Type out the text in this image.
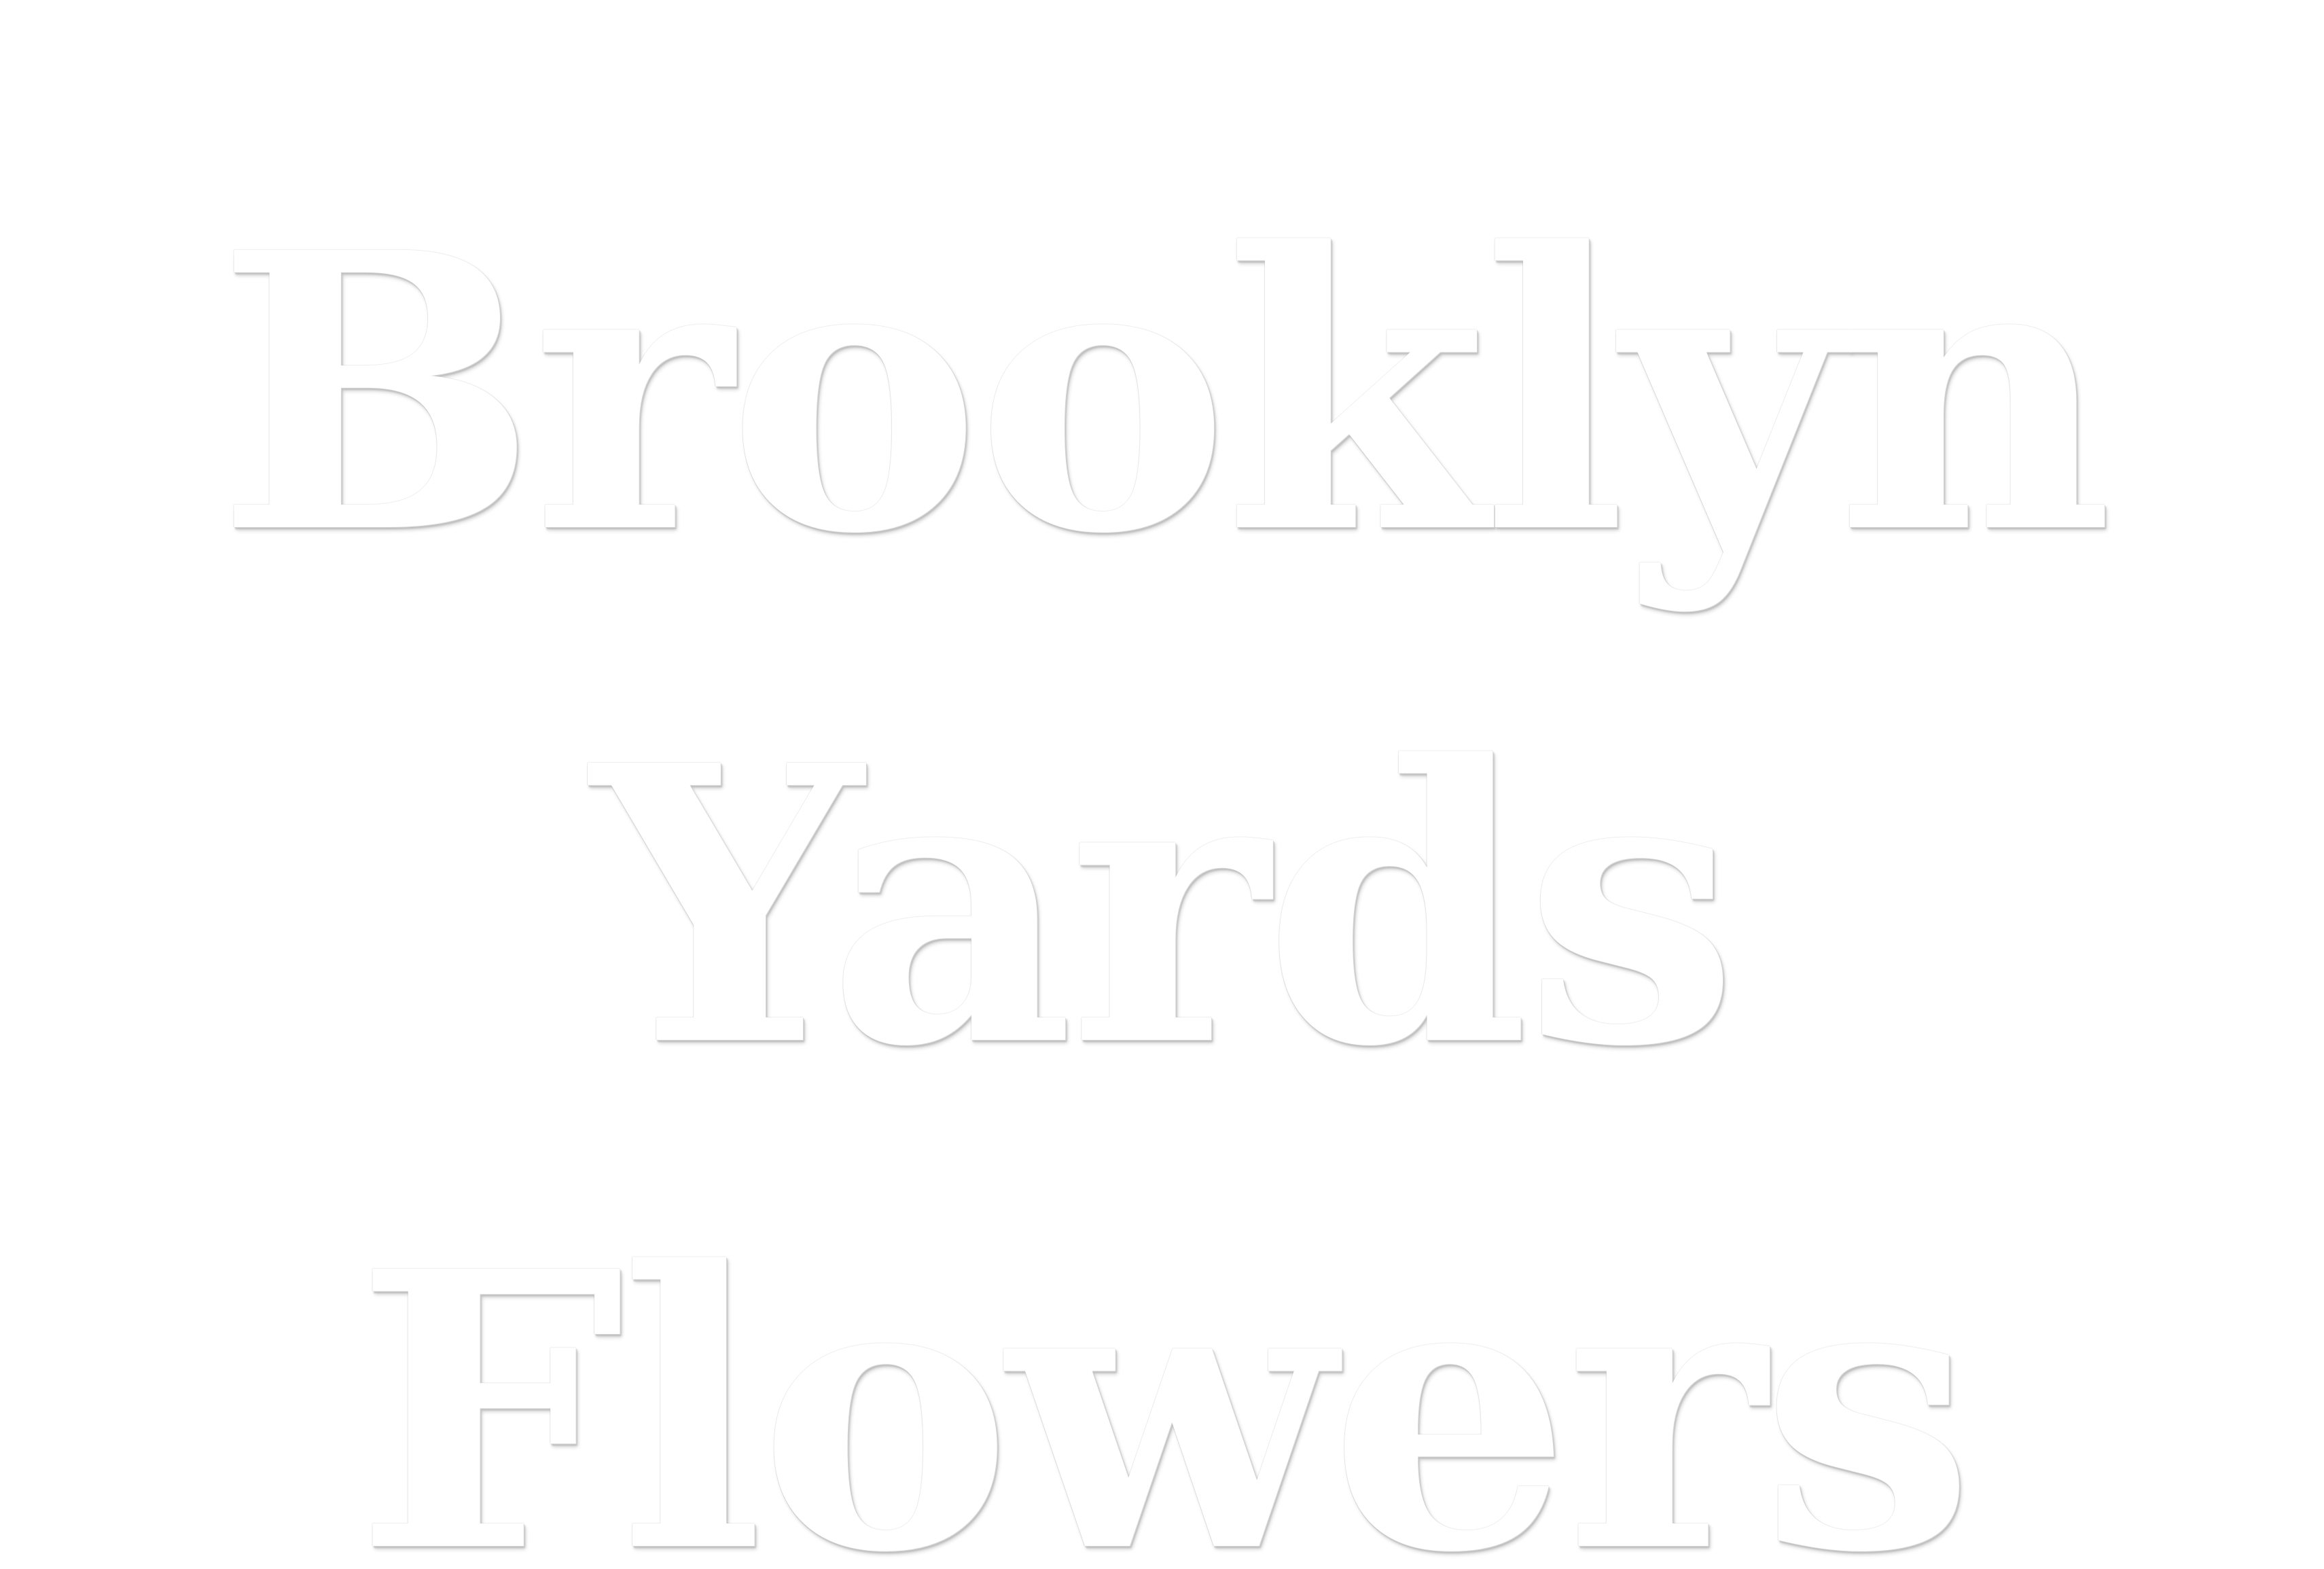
Brooklyn
Yards
Flowers
